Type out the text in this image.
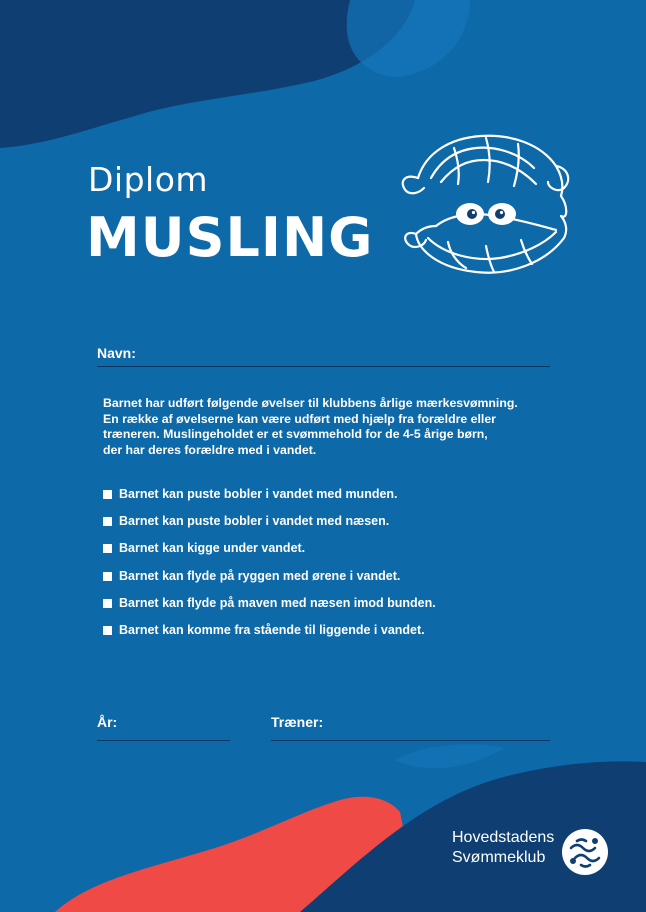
Diplom
MUSLING
Navn:

Barnet har udført følgende øvelser til klubbens årlige mærkesvømning.

En række af øvelserne kan være udført med hjælp fra forældre eller

træneren. Muslingeholdet er et svømmehold for de 4-5 årige børn,

der har deres forældre med i vandet.

Barnet kan puste bobler i vandet med munden.
Barnet kan puste bobler i vandet med næsen.
Barnet kan kigge under vandet.
Barnet kan flyde på ryggen med ørene i vandet.
Barnet kan flyde på maven med næsen imod bunden.
Barnet kan komme fra stående til liggende i vandet.
År:	Træner:
Hovedstadens
Svømmeklub
